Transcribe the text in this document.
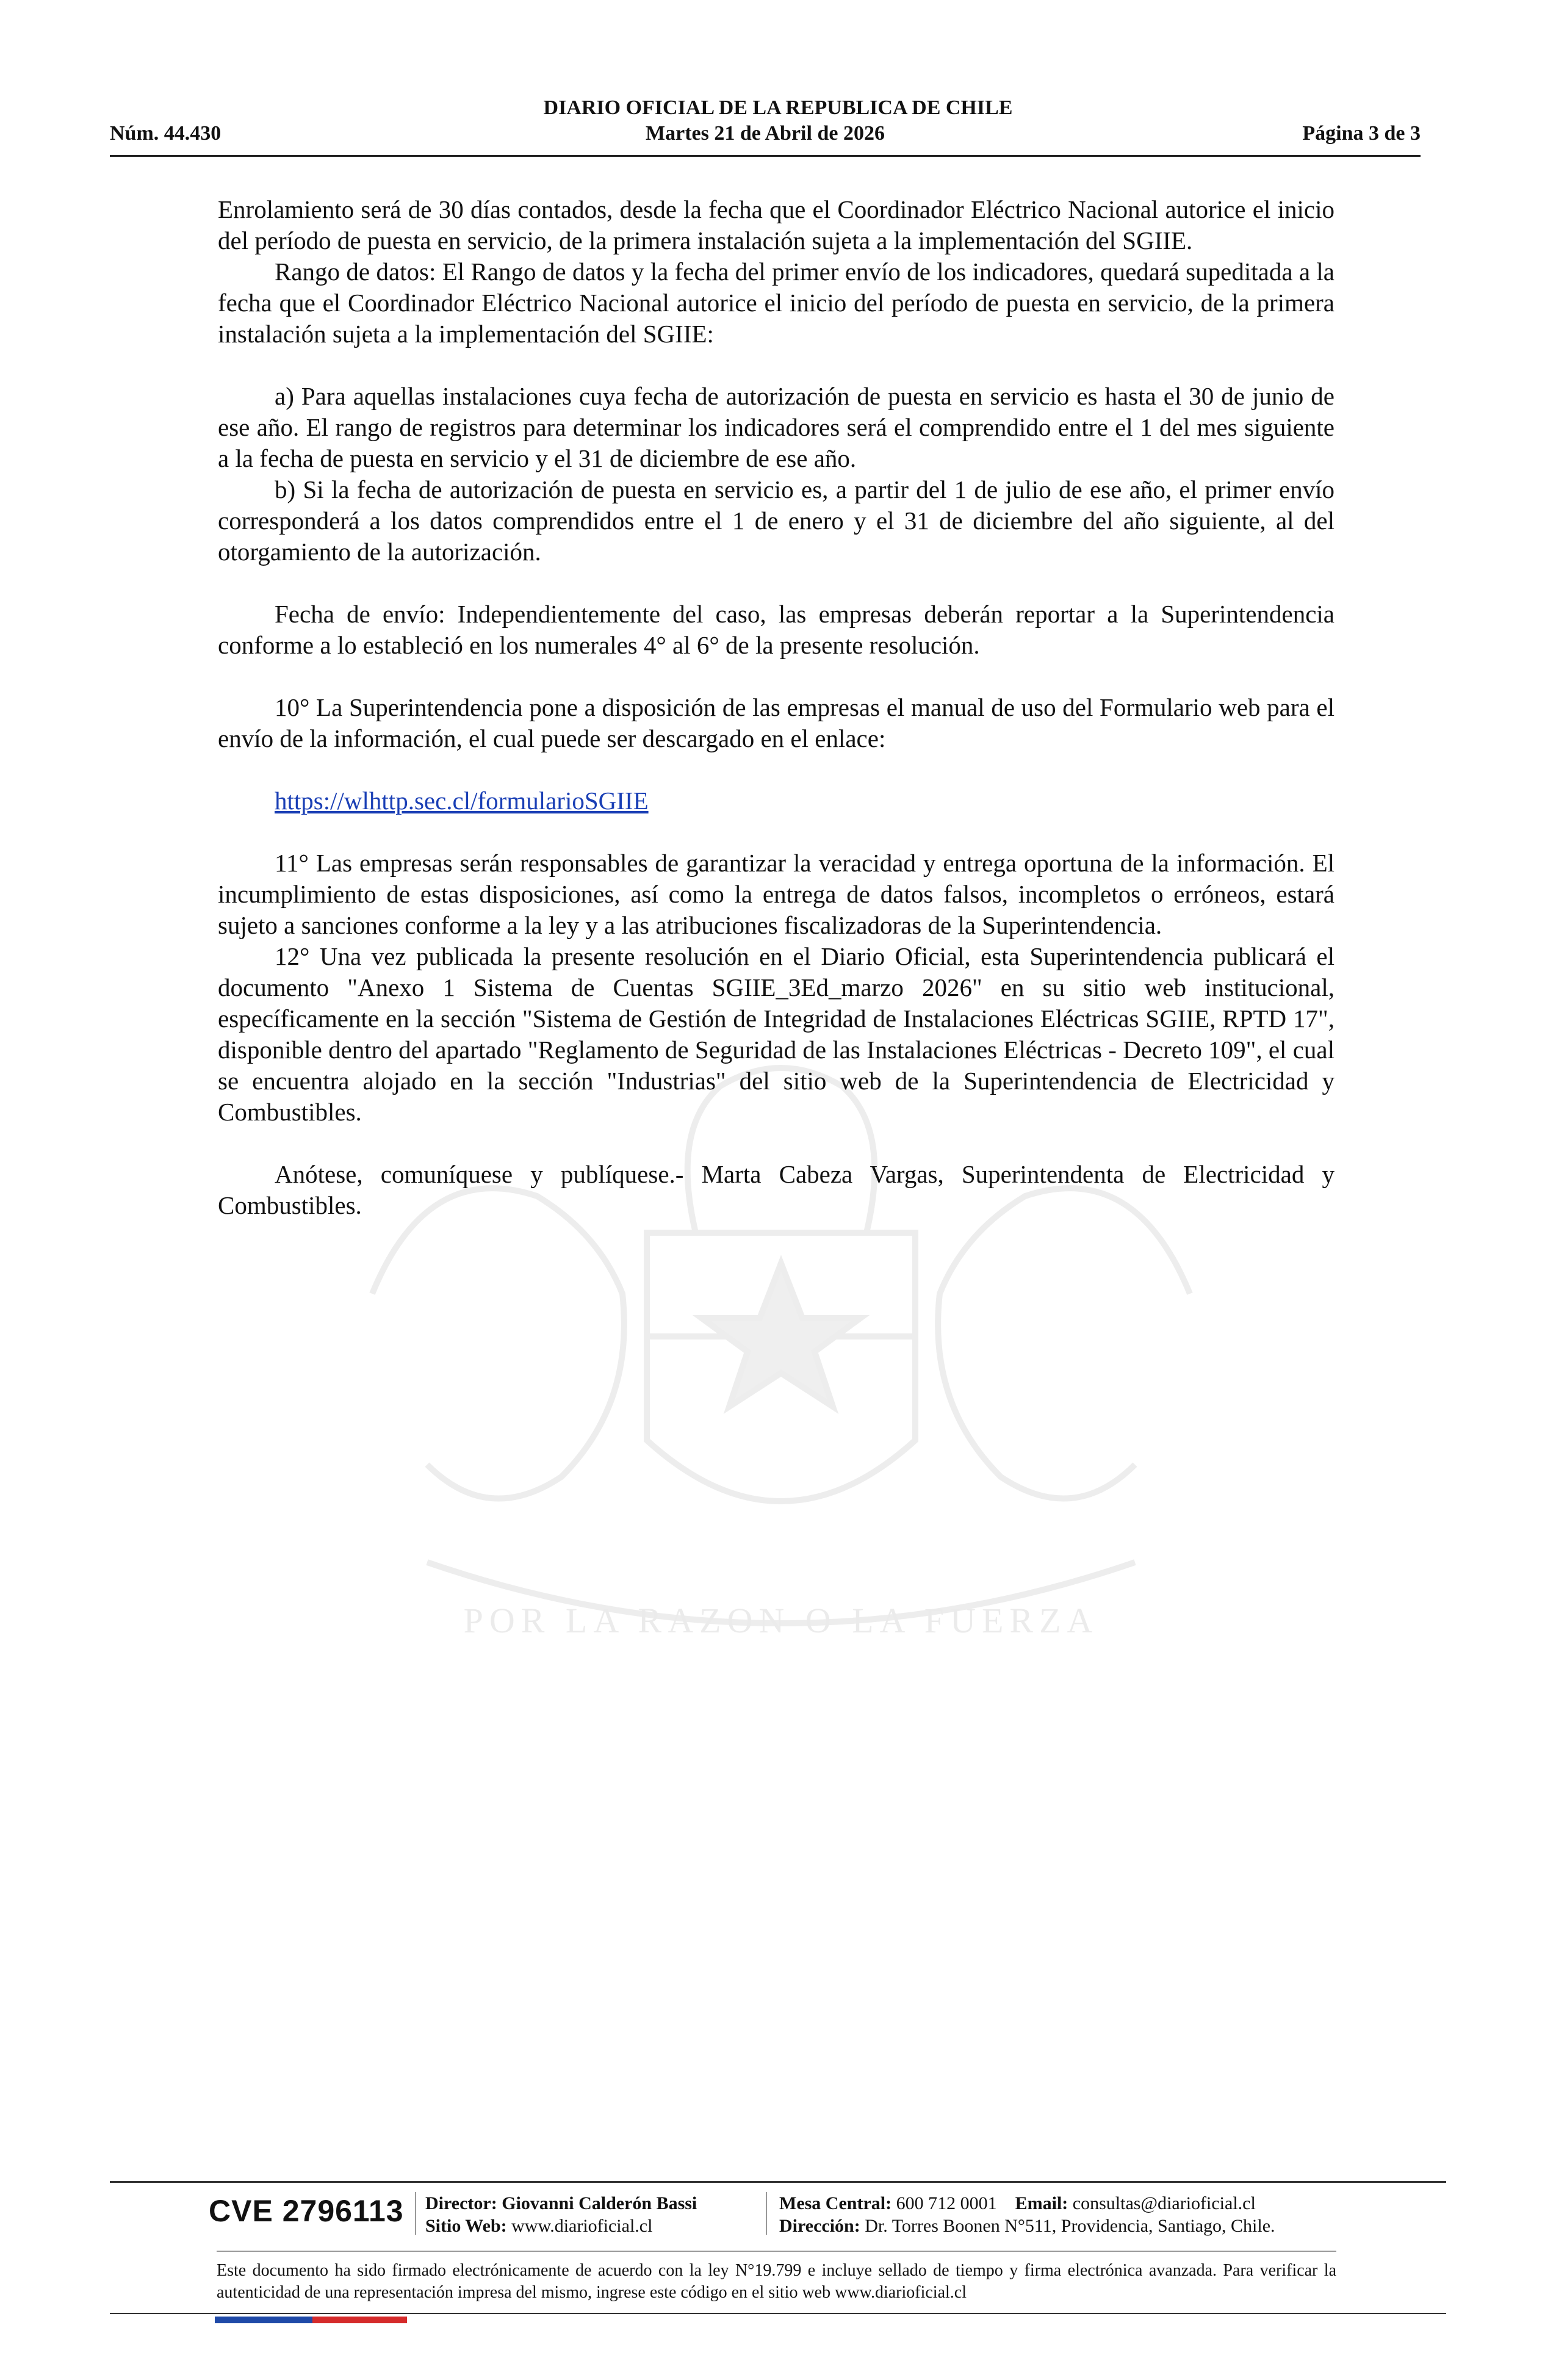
POR LA RAZON O LA FUERZA
DIARIO OFICIAL DE LA REPUBLICA DE CHILE
Núm. 44.430	Martes 21 de Abril de 2026	Página 3 de 3

Enrolamiento será de 30 días contados, desde la fecha que el Coordinador Eléctrico Nacional autorice el inicio del período de puesta en servicio, de la primera instalación sujeta a la implementación del SGIIE.

Rango de datos: El Rango de datos y la fecha del primer envío de los indicadores, quedará supeditada a la fecha que el Coordinador Eléctrico Nacional autorice el inicio del período de puesta en servicio, de la primera instalación sujeta a la implementación del SGIIE:

a) Para aquellas instalaciones cuya fecha de autorización de puesta en servicio es hasta el 30 de junio de ese año. El rango de registros para determinar los indicadores será el comprendido entre el 1 del mes siguiente a la fecha de puesta en servicio y el 31 de diciembre de ese año.

b) Si la fecha de autorización de puesta en servicio es, a partir del 1 de julio de ese año, el primer envío corresponderá a los datos comprendidos entre el 1 de enero y el 31 de diciembre del año siguiente, al del otorgamiento de la autorización.

Fecha de envío: Independientemente del caso, las empresas deberán reportar a la Superintendencia conforme a lo estableció en los numerales 4° al 6° de la presente resolución.

10° La Superintendencia pone a disposición de las empresas el manual de uso del Formulario web para el envío de la información, el cual puede ser descargado en el enlace:

https://wlhttp.sec.cl/formularioSGIIE

11° Las empresas serán responsables de garantizar la veracidad y entrega oportuna de la información. El incumplimiento de estas disposiciones, así como la entrega de datos falsos, incompletos o erróneos, estará sujeto a sanciones conforme a la ley y a las atribuciones fiscalizadoras de la Superintendencia.

12° Una vez publicada la presente resolución en el Diario Oficial, esta Superintendencia publicará el documento "Anexo 1 Sistema de Cuentas SGIIE_3Ed_marzo 2026" en su sitio web institucional, específicamente en la sección "Sistema de Gestión de Integridad de Instalaciones Eléctricas SGIIE, RPTD 17", disponible dentro del apartado "Reglamento de Seguridad de las Instalaciones Eléctricas - Decreto 109", el cual se encuentra alojado en la sección "Industrias" del sitio web de la Superintendencia de Electricidad y Combustibles.

Anótese, comuníquese y publíquese.- Marta Cabeza Vargas, Superintendenta de Electricidad y Combustibles.

CVE 2796113 Director: Giovanni Calderón Bassi
Sitio Web: www.diarioficial.cl
Mesa Central: 600 712 0001 Email: consultas@diarioficial.cl
Dirección: Dr. Torres Boonen N°511, Providencia, Santiago, Chile.
Este documento ha sido firmado electrónicamente de acuerdo con la ley N°19.799 e incluye sellado de tiempo y firma electrónica avanzada. Para verificar la autenticidad de una representación impresa del mismo, ingrese este código en el sitio web www.diarioficial.cl
